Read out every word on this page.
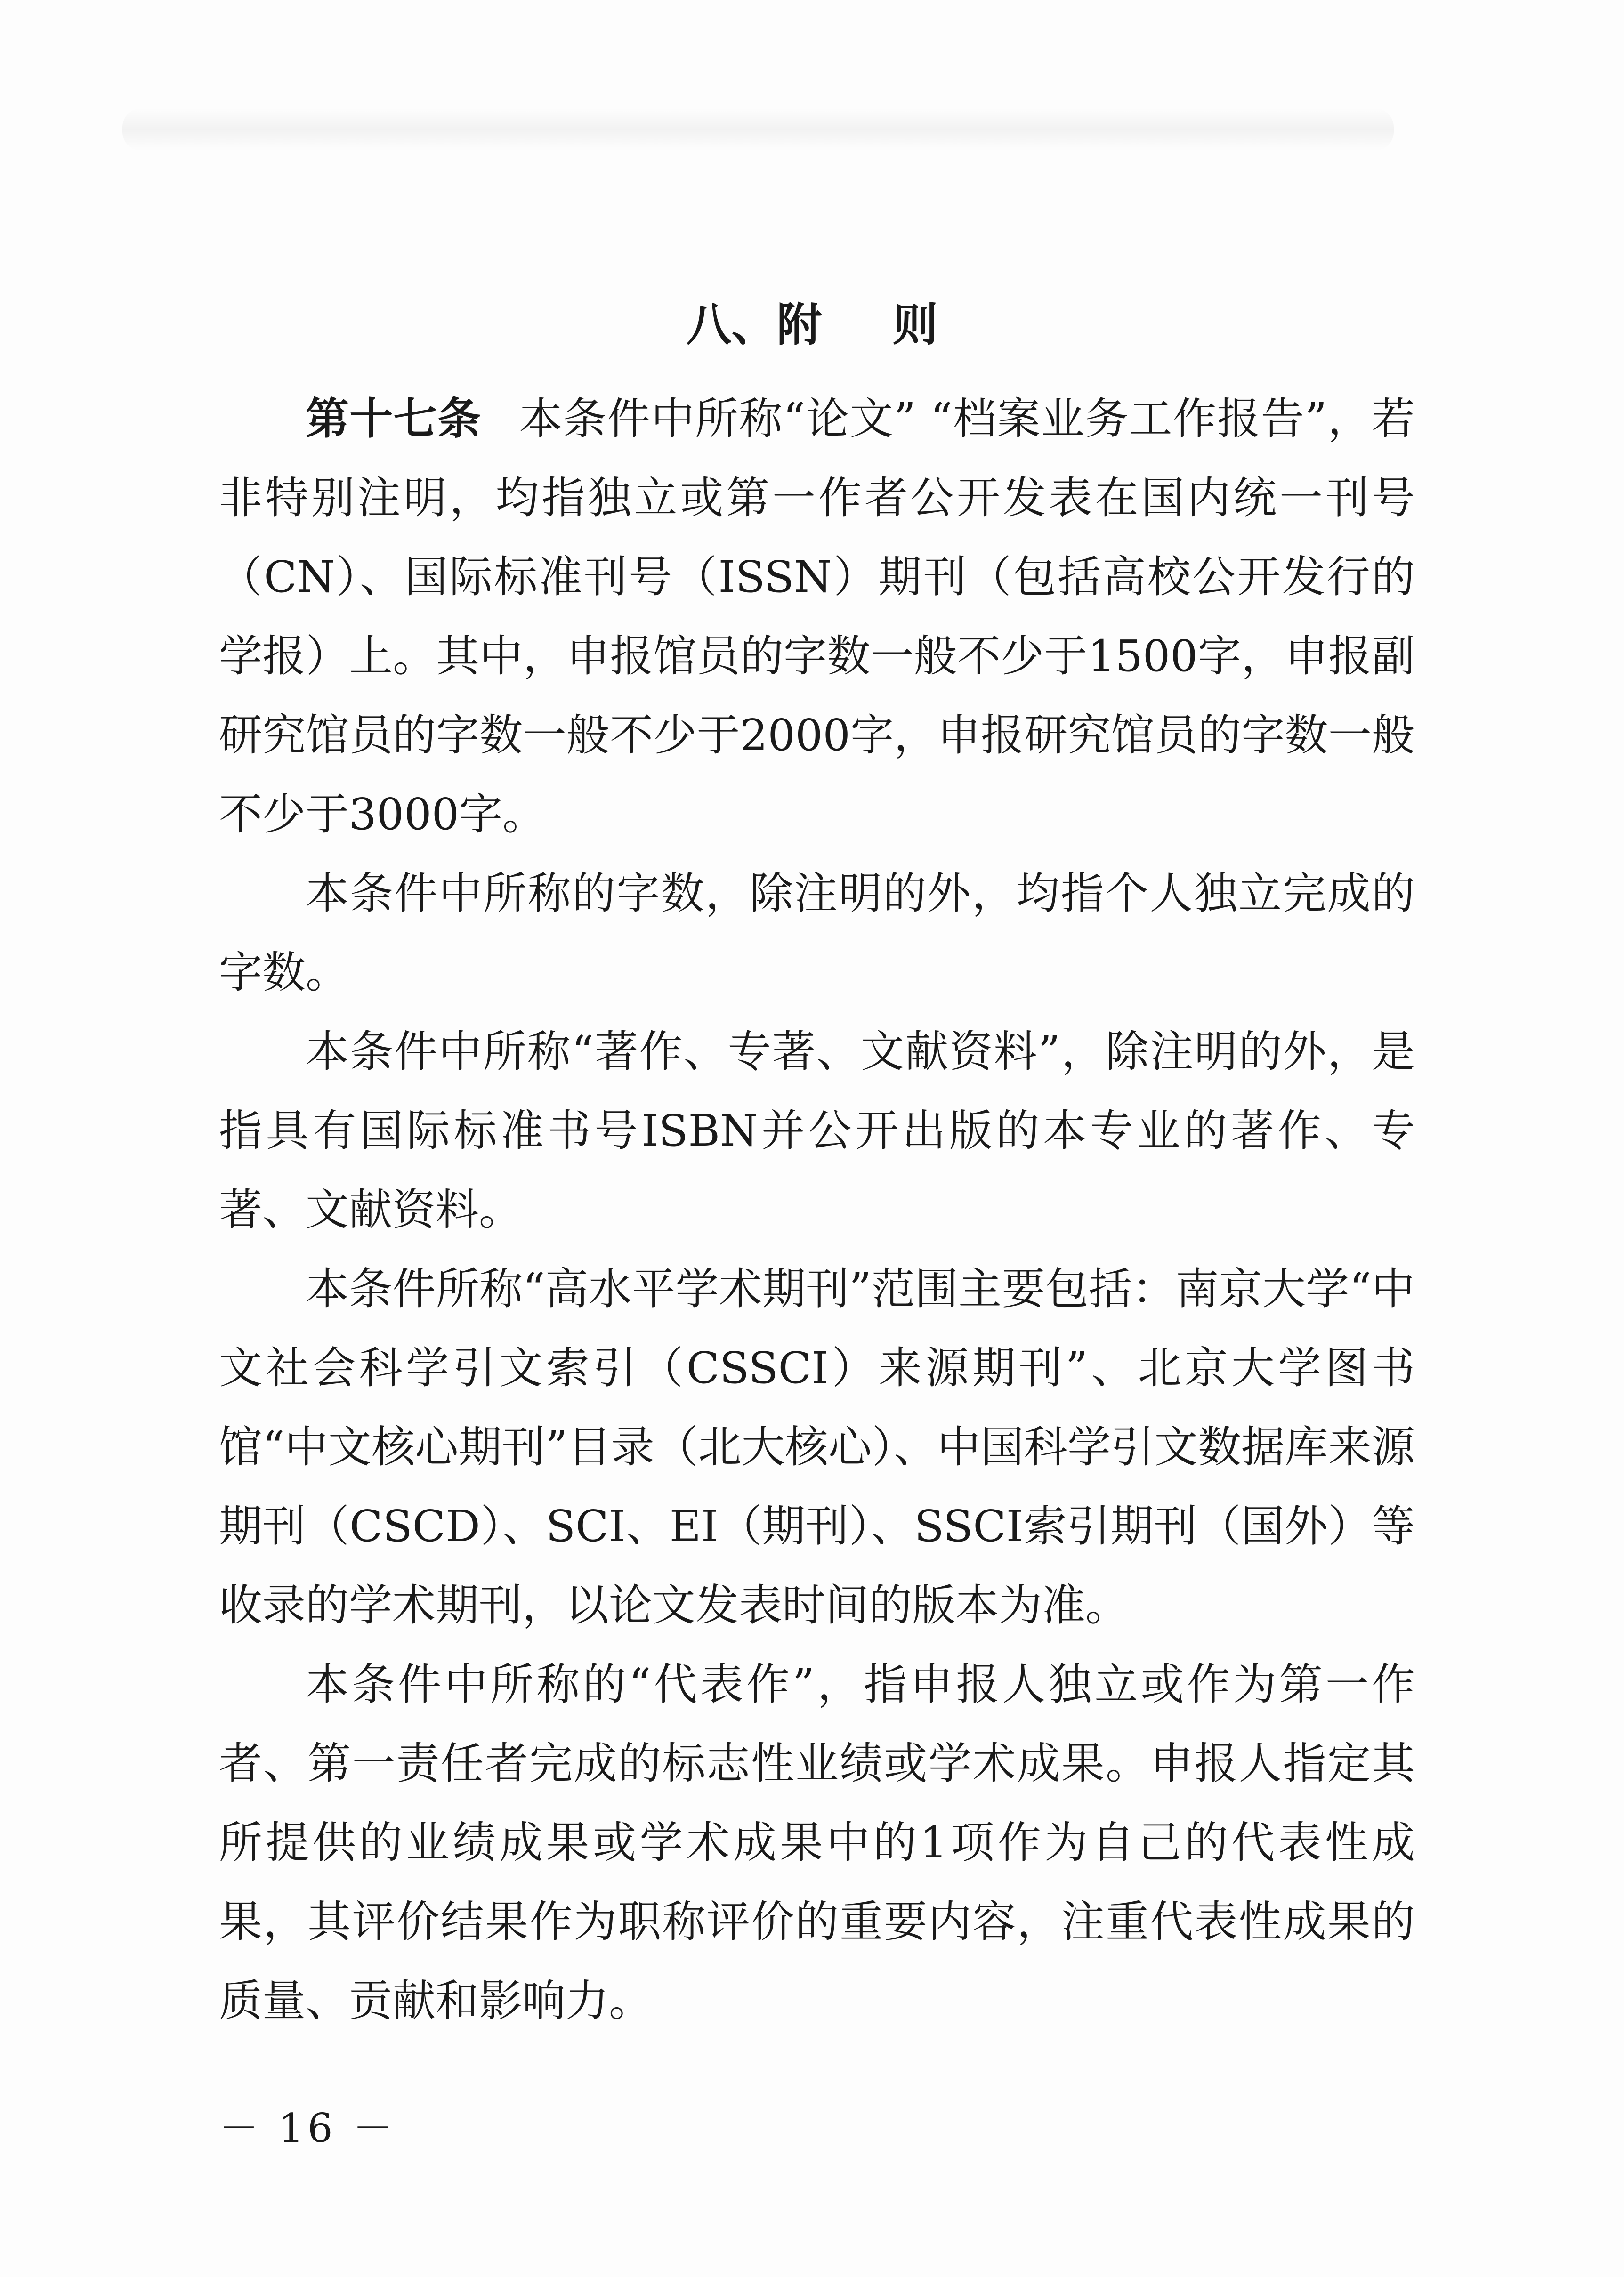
八、附 则

第十七条 本条件中所称“论文” “档案业务工作报告”，若非特别注明，均指独立或第一作者公开发表在国内统一刊号（CN）、国际标准刊号（ISSN）期刊（包括高校公开发行的学报）上。其中，申报馆员的字数一般不少于1500字，申报副研究馆员的字数一般不少于2000字，申报研究馆员的字数一般不少于3000字。

本条件中所称的字数，除注明的外，均指个人独立完成的字数。

本条件中所称“著作、专著、文献资料”，除注明的外，是指具有国际标准书号ISBN并公开出版的本专业的著作、专著、文献资料。

本条件所称“高水平学术期刊”范围主要包括：南京大学“中文社会科学引文索引（CSSCI）来源期刊”、北京大学图书馆“中文核心期刊”目录（北大核心）、中国科学引文数据库来源期刊（CSCD）、SCI、EI（期刊）、SSCI索引期刊（国外）等收录的学术期刊，以论文发表时间的版本为准。

本条件中所称的“代表作”，指申报人独立或作为第一作者、第一责任者完成的标志性业绩或学术成果。申报人指定其所提供的业绩成果或学术成果中的1项作为自己的代表性成果，其评价结果作为职称评价的重要内容，注重代表性成果的质量、贡献和影响力。

－ 16 －
